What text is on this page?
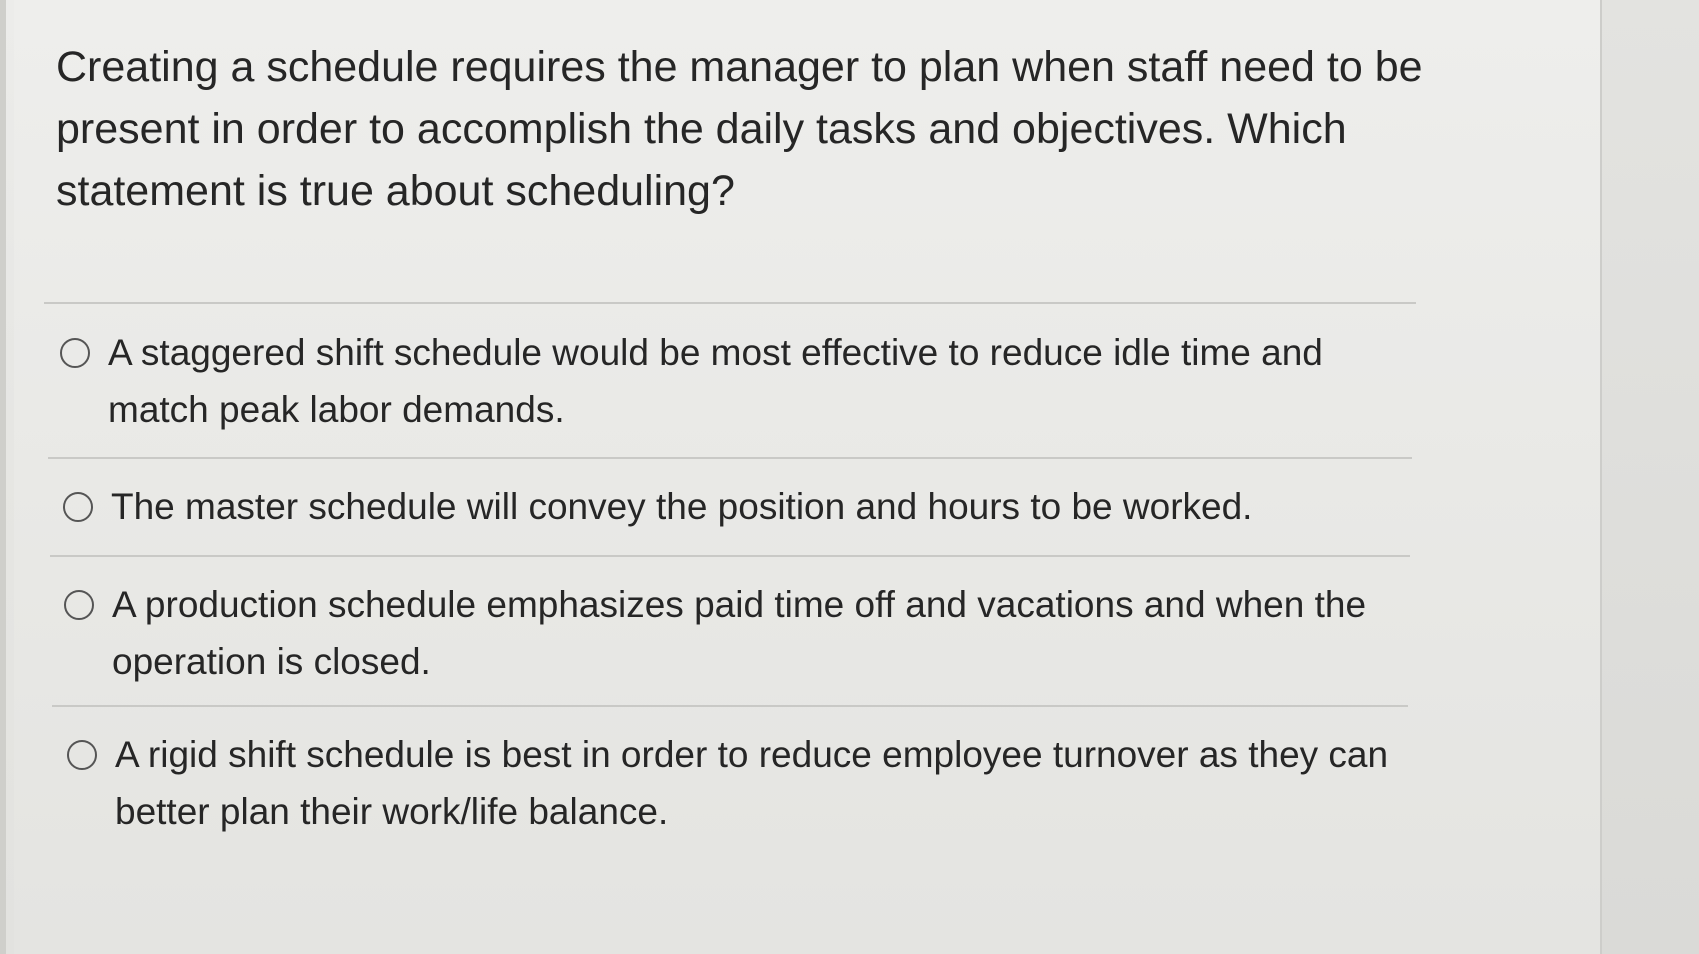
Creating a schedule requires the manager to plan when staff need to be present in order to accomplish the daily tasks and objectives. Which statement is true about scheduling?

A staggered shift schedule would be most effective to reduce idle time and match peak labor demands.
The master schedule will convey the position and hours to be worked.
A production schedule emphasizes paid time off and vacations and when the operation is closed.
A rigid shift schedule is best in order to reduce employee turnover as they can better plan their work/life balance.
